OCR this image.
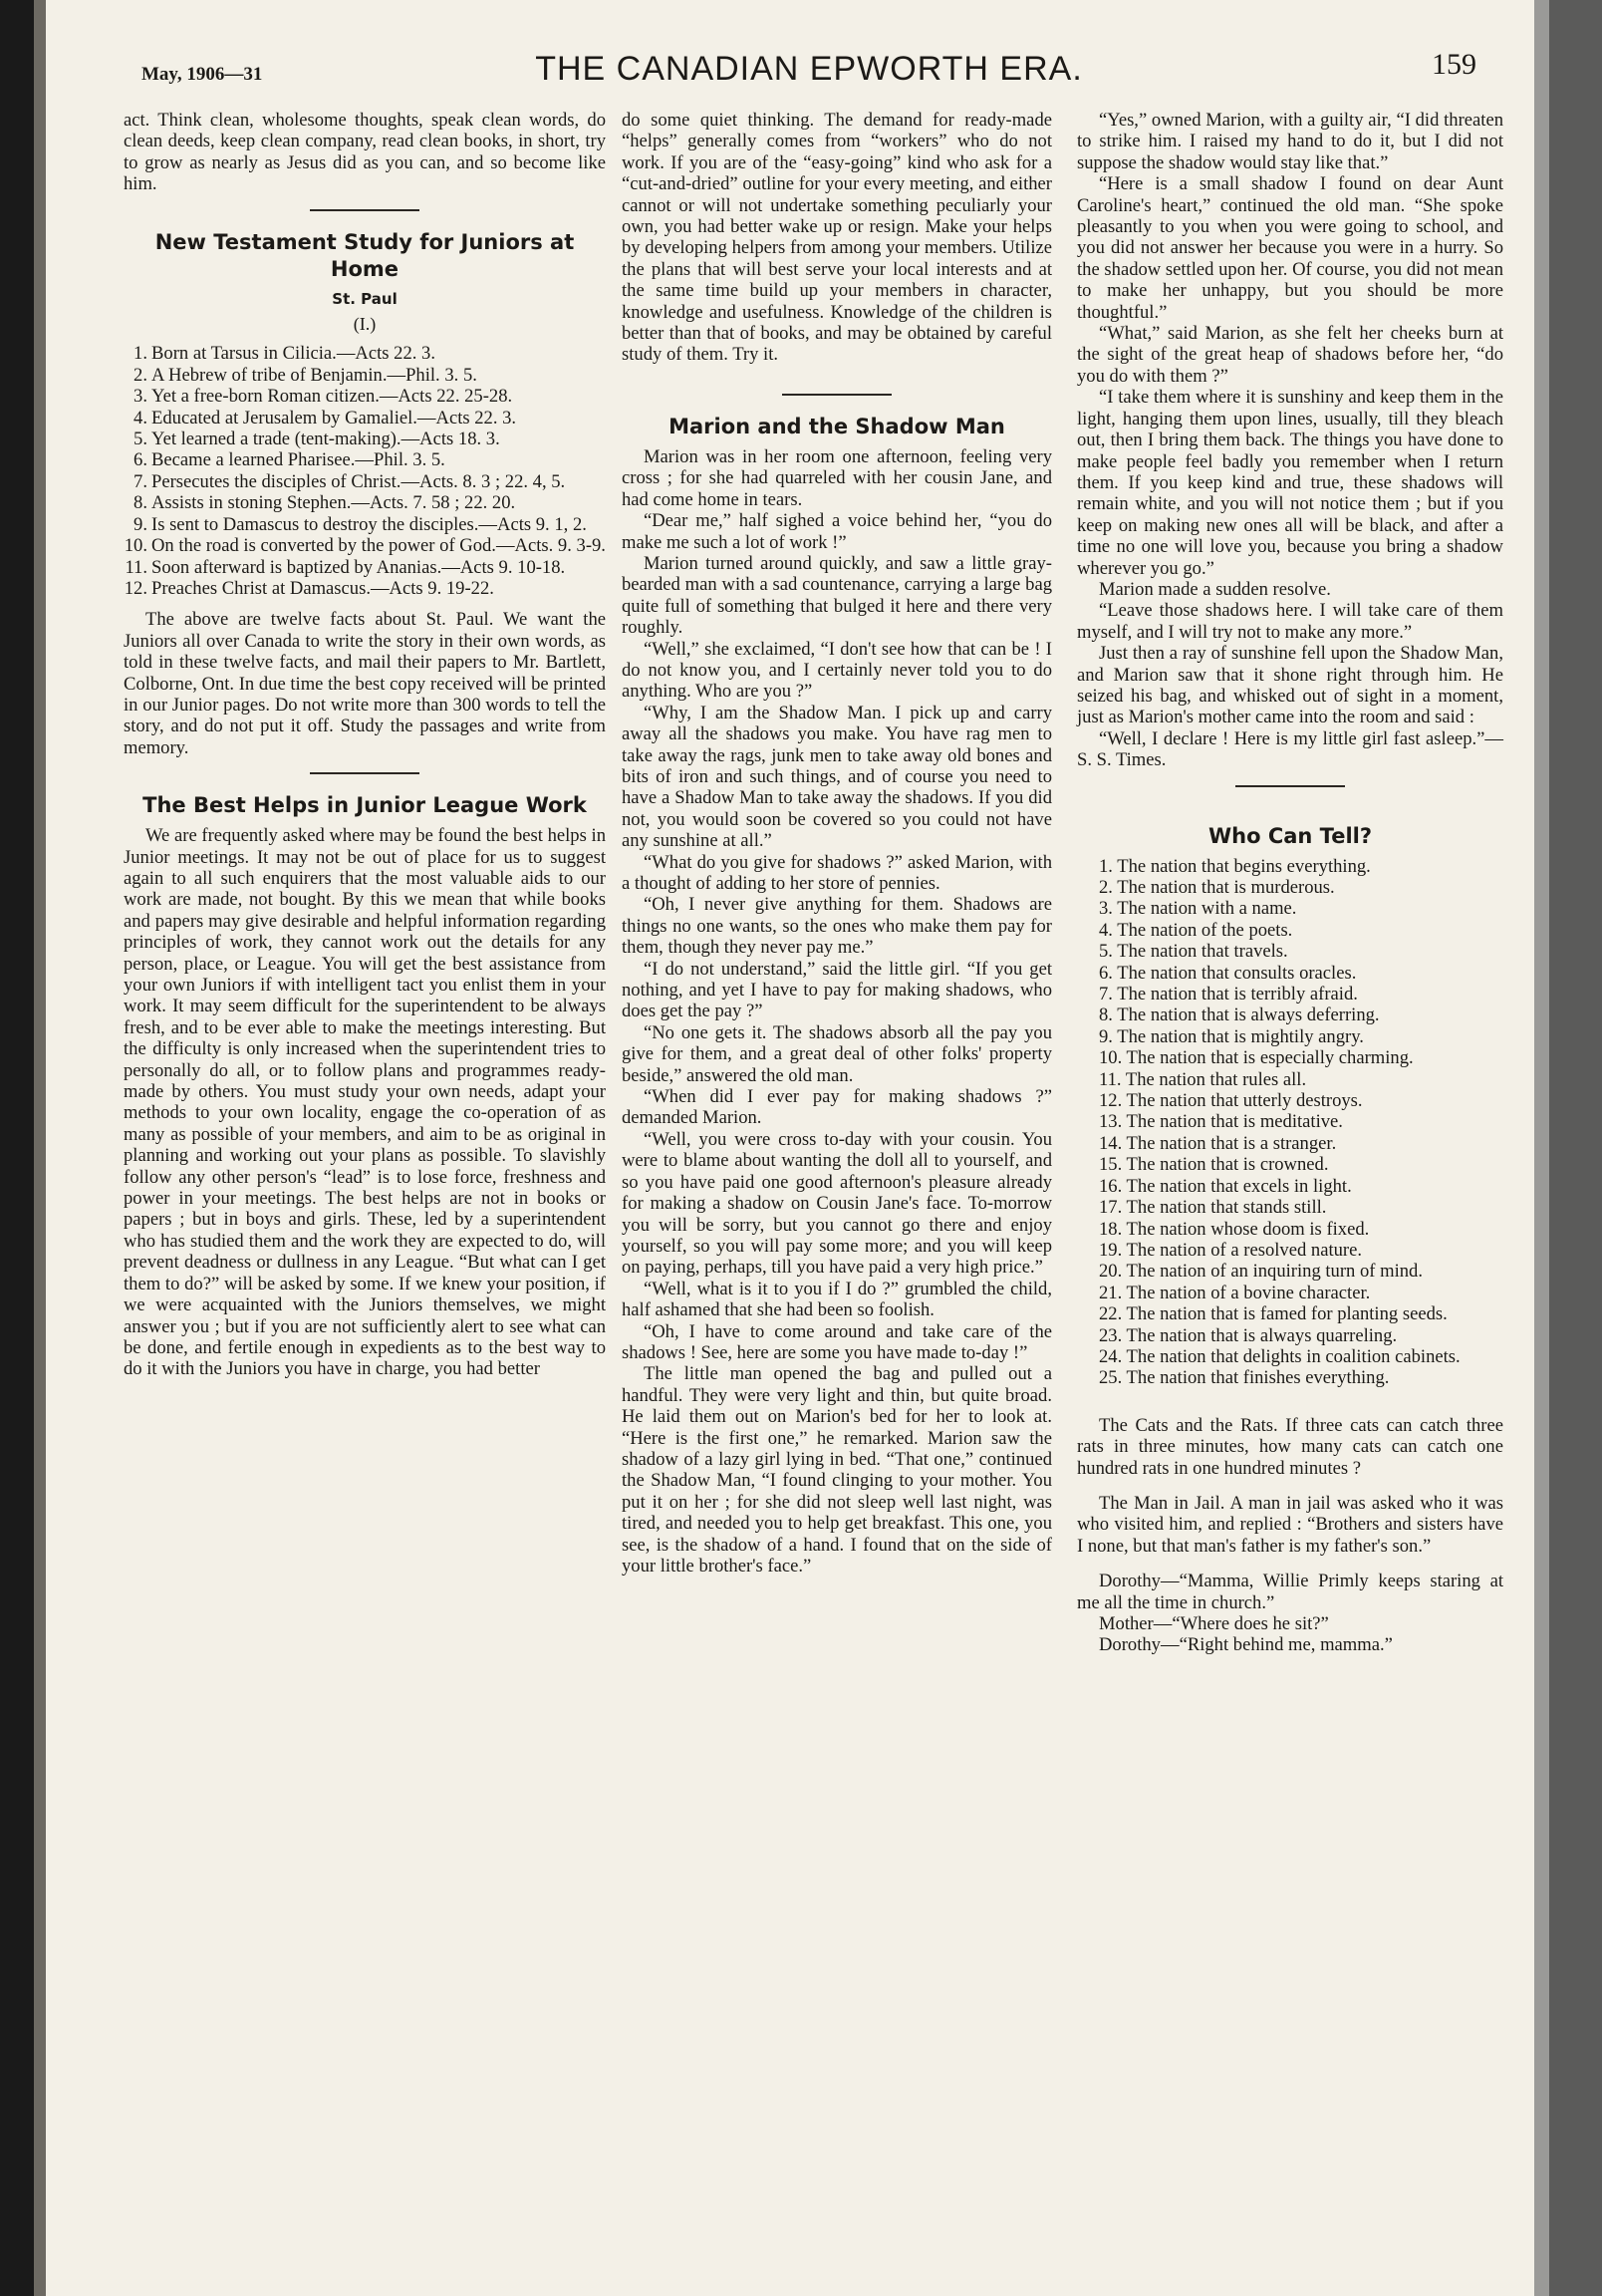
May, 1906—31	THE CANADIAN EPWORTH ERA.	159

act. Think clean, wholesome thoughts, speak clean words, do clean deeds, keep clean company, read clean books, in short, try to grow as nearly as Jesus did as you can, and so become like him.

New Testament Study for Juniors at Home
St. Paul
(I.)
1. Born at Tarsus in Cilicia.—Acts 22. 3.
2. A Hebrew of tribe of Benjamin.—Phil. 3. 5.
3. Yet a free-born Roman citizen.—Acts 22. 25-28.
4. Educated at Jerusalem by Gamaliel.—Acts 22. 3.
5. Yet learned a trade (tent-making).—Acts 18. 3.
6. Became a learned Pharisee.—Phil. 3. 5.
7. Persecutes the disciples of Christ.—Acts. 8. 3 ; 22. 4, 5.
8. Assists in stoning Stephen.—Acts. 7. 58 ; 22. 20.
9. Is sent to Damascus to destroy the disciples.—Acts 9. 1, 2.
10. On the road is converted by the power of God.—Acts. 9. 3-9.
11. Soon afterward is baptized by Ananias.—Acts 9. 10-18.
12. Preaches Christ at Damascus.—Acts 9. 19-22.

The above are twelve facts about St. Paul. We want the Juniors all over Canada to write the story in their own words, as told in these twelve facts, and mail their papers to Mr. Bartlett, Colborne, Ont. In due time the best copy received will be printed in our Junior pages. Do not write more than 300 words to tell the story, and do not put it off. Study the passages and write from memory.

The Best Helps in Junior League Work

We are frequently asked where may be found the best helps in Junior meetings. It may not be out of place for us to suggest again to all such enquirers that the most valuable aids to our work are made, not bought. By this we mean that while books and papers may give desirable and helpful information regarding principles of work, they cannot work out the details for any person, place, or League. You will get the best assistance from your own Juniors if with intelligent tact you enlist them in your work. It may seem difficult for the superintendent to be always fresh, and to be ever able to make the meetings interesting. But the difficulty is only increased when the superintendent tries to personally do all, or to follow plans and programmes ready-made by others. You must study your own needs, adapt your methods to your own locality, engage the co-operation of as many as possible of your members, and aim to be as original in planning and working out your plans as possible. To slavishly follow any other person's “lead” is to lose force, freshness and power in your meetings. The best helps are not in books or papers ; but in boys and girls. These, led by a superintendent who has studied them and the work they are expected to do, will prevent deadness or dullness in any League. “But what can I get them to do?” will be asked by some. If we knew your position, if we were acquainted with the Juniors themselves, we might answer you ; but if you are not sufficiently alert to see what can be done, and fertile enough in expedients as to the best way to do it with the Juniors you have in charge, you had better

do some quiet thinking. The demand for ready-made “helps” generally comes from “workers” who do not work. If you are of the “easy-going” kind who ask for a “cut-and-dried” outline for your every meeting, and either cannot or will not undertake something peculiarly your own, you had better wake up or resign. Make your helps by developing helpers from among your members. Utilize the plans that will best serve your local interests and at the same time build up your members in character, knowledge and usefulness. Knowledge of the children is better than that of books, and may be obtained by careful study of them. Try it.

Marion and the Shadow Man

Marion was in her room one afternoon, feeling very cross ; for she had quarreled with her cousin Jane, and had come home in tears.

“Dear me,” half sighed a voice behind her, “you do make me such a lot of work !”

Marion turned around quickly, and saw a little gray-bearded man with a sad countenance, carrying a large bag quite full of something that bulged it here and there very roughly.

“Well,” she exclaimed, “I don't see how that can be ! I do not know you, and I certainly never told you to do anything. Who are you ?”

“Why, I am the Shadow Man. I pick up and carry away all the shadows you make. You have rag men to take away the rags, junk men to take away old bones and bits of iron and such things, and of course you need to have a Shadow Man to take away the shadows. If you did not, you would soon be covered so you could not have any sunshine at all.”

“What do you give for shadows ?” asked Marion, with a thought of adding to her store of pennies.

“Oh, I never give anything for them. Shadows are things no one wants, so the ones who make them pay for them, though they never pay me.”

“I do not understand,” said the little girl. “If you get nothing, and yet I have to pay for making shadows, who does get the pay ?”

“No one gets it. The shadows absorb all the pay you give for them, and a great deal of other folks' property beside,” answered the old man.

“When did I ever pay for making shadows ?” demanded Marion.

“Well, you were cross to-day with your cousin. You were to blame about wanting the doll all to yourself, and so you have paid one good afternoon's pleasure already for making a shadow on Cousin Jane's face. To-morrow you will be sorry, but you cannot go there and enjoy yourself, so you will pay some more; and you will keep on paying, perhaps, till you have paid a very high price.”

“Well, what is it to you if I do ?” grumbled the child, half ashamed that she had been so foolish.

“Oh, I have to come around and take care of the shadows ! See, here are some you have made to-day !”

The little man opened the bag and pulled out a handful. They were very light and thin, but quite broad. He laid them out on Marion's bed for her to look at. “Here is the first one,” he remarked. Marion saw the shadow of a lazy girl lying in bed. “That one,” continued the Shadow Man, “I found clinging to your mother. You put it on her ; for she did not sleep well last night, was tired, and needed you to help get breakfast. This one, you see, is the shadow of a hand. I found that on the side of your little brother's face.”

“Yes,” owned Marion, with a guilty air, “I did threaten to strike him. I raised my hand to do it, but I did not suppose the shadow would stay like that.”

“Here is a small shadow I found on dear Aunt Caroline's heart,” continued the old man. “She spoke pleasantly to you when you were going to school, and you did not answer her because you were in a hurry. So the shadow settled upon her. Of course, you did not mean to make her unhappy, but you should be more thoughtful.”

“What,” said Marion, as she felt her cheeks burn at the sight of the great heap of shadows before her, “do you do with them ?”

“I take them where it is sunshiny and keep them in the light, hanging them upon lines, usually, till they bleach out, then I bring them back. The things you have done to make people feel badly you remember when I return them. If you keep kind and true, these shadows will remain white, and you will not notice them ; but if you keep on making new ones all will be black, and after a time no one will love you, because you bring a shadow wherever you go.”

Marion made a sudden resolve.

“Leave those shadows here. I will take care of them myself, and I will try not to make any more.”

Just then a ray of sunshine fell upon the Shadow Man, and Marion saw that it shone right through him. He seized his bag, and whisked out of sight in a moment, just as Marion's mother came into the room and said :

“Well, I declare ! Here is my little girl fast asleep.”—S. S. Times.

Who Can Tell?

1. The nation that begins everything.

2. The nation that is murderous.

3. The nation with a name.

4. The nation of the poets.

5. The nation that travels.

6. The nation that consults oracles.

7. The nation that is terribly afraid.

8. The nation that is always deferring.

9. The nation that is mightily angry.

10. The nation that is especially charming.

11. The nation that rules all.

12. The nation that utterly destroys.

13. The nation that is meditative.

14. The nation that is a stranger.

15. The nation that is crowned.

16. The nation that excels in light.

17. The nation that stands still.

18. The nation whose doom is fixed.

19. The nation of a resolved nature.

20. The nation of an inquiring turn of mind.

21. The nation of a bovine character.

22. The nation that is famed for planting seeds.

23. The nation that is always quarreling.

24. The nation that delights in coalition cabinets.

25. The nation that finishes everything.

The Cats and the Rats. If three cats can catch three rats in three minutes, how many cats can catch one hundred rats in one hundred minutes ?

The Man in Jail. A man in jail was asked who it was who visited him, and replied : “Brothers and sisters have I none, but that man's father is my father's son.”

Dorothy—“Mamma, Willie Primly keeps staring at me all the time in church.”

Mother—“Where does he sit?”

Dorothy—“Right behind me, mamma.”
